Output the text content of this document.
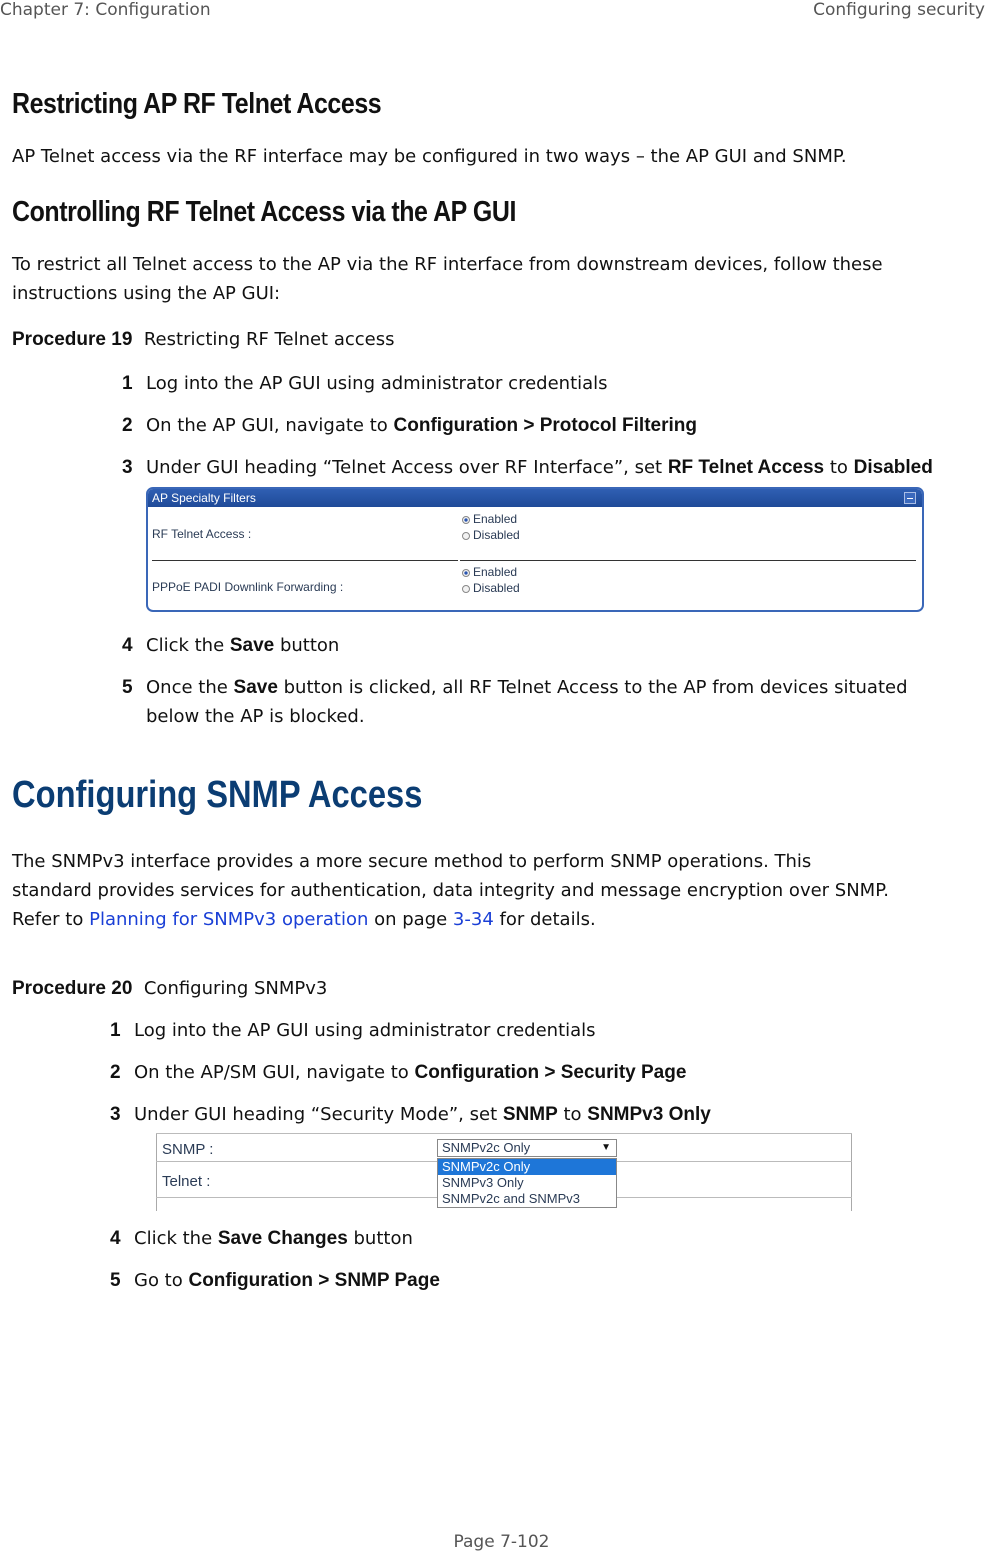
Chapter 7: Configuration	Configuring security
Restricting AP RF Telnet Access

AP Telnet access via the RF interface may be configured in two ways – the AP GUI and SNMP.

Controlling RF Telnet Access via the AP GUI

To restrict all Telnet access to the AP via the RF interface from downstream devices, follow these

instructions using the AP GUI:

Procedure 19 Restricting RF Telnet access
1 Log into the AP GUI using administrator credentials
2 On the AP GUI, navigate to Configuration > Protocol Filtering
3 Under GUI heading “Telnet Access over RF Interface”, set RF Telnet Access to Disabled
AP Specialty Filters
RF Telnet Access :
Enabled
Disabled
PPPoE PADI Downlink Forwarding :
Enabled
Disabled
4 Click the Save button
5 Once the Save button is clicked, all RF Telnet Access to the AP from devices situated
below the AP is blocked.
Configuring SNMP Access

The SNMPv3 interface provides a more secure method to perform SNMP operations. This

standard provides services for authentication, data integrity and message encryption over SNMP.

Refer to Planning for SNMPv3 operation on page 3-34 for details.

Procedure 20 Configuring SNMPv3
1 Log into the AP GUI using administrator credentials
2 On the AP/SM GUI, navigate to Configuration > Security Page
3 Under GUI heading “Security Mode”, set SNMP to SNMPv3 Only
SNMP :
Telnet :
SNMPv2c Only	▼
SNMPv2c Only
SNMPv3 Only
SNMPv2c and SNMPv3
4 Click the Save Changes button
5 Go to Configuration > SNMP Page
Page 7-102
